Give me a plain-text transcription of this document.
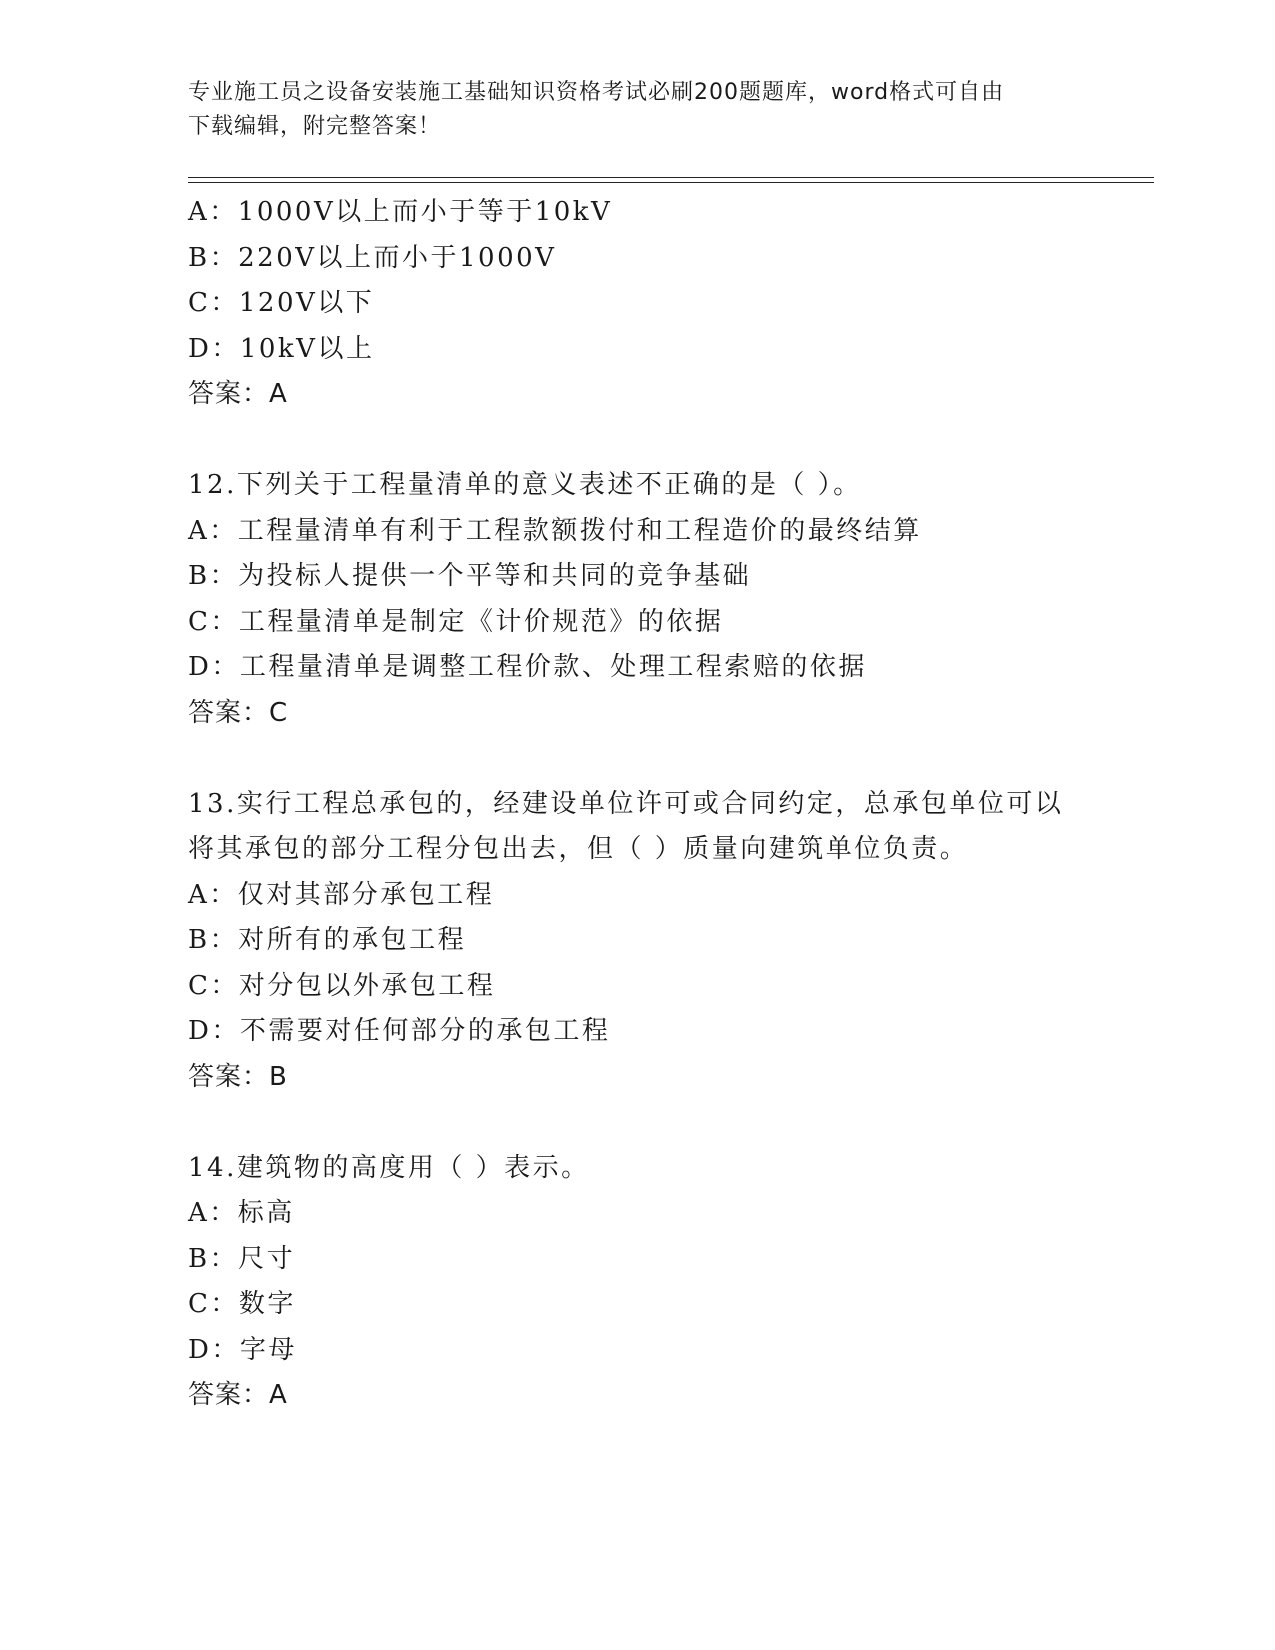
专业施工员之设备安装施工基础知识资格考试必刷200题题库，word格式可自由
下载编辑，附完整答案！
A：1000V以上而小于等于10kV
B：220V以上而小于1000V
C：120V以下
D：10kV以上
答案：A
12.下列关于工程量清单的意义表述不正确的是（ ）。
A：工程量清单有利于工程款额拨付和工程造价的最终结算
B：为投标人提供一个平等和共同的竞争基础
C：工程量清单是制定《计价规范》的依据
D：工程量清单是调整工程价款、处理工程索赔的依据
答案：C
13.实行工程总承包的，经建设单位许可或合同约定，总承包单位可以
将其承包的部分工程分包出去，但（ ）质量向建筑单位负责。
A：仅对其部分承包工程
B：对所有的承包工程
C：对分包以外承包工程
D：不需要对任何部分的承包工程
答案：B
14.建筑物的高度用（ ）表示。
A：标高
B：尺寸
C：数字
D：字母
答案：A
